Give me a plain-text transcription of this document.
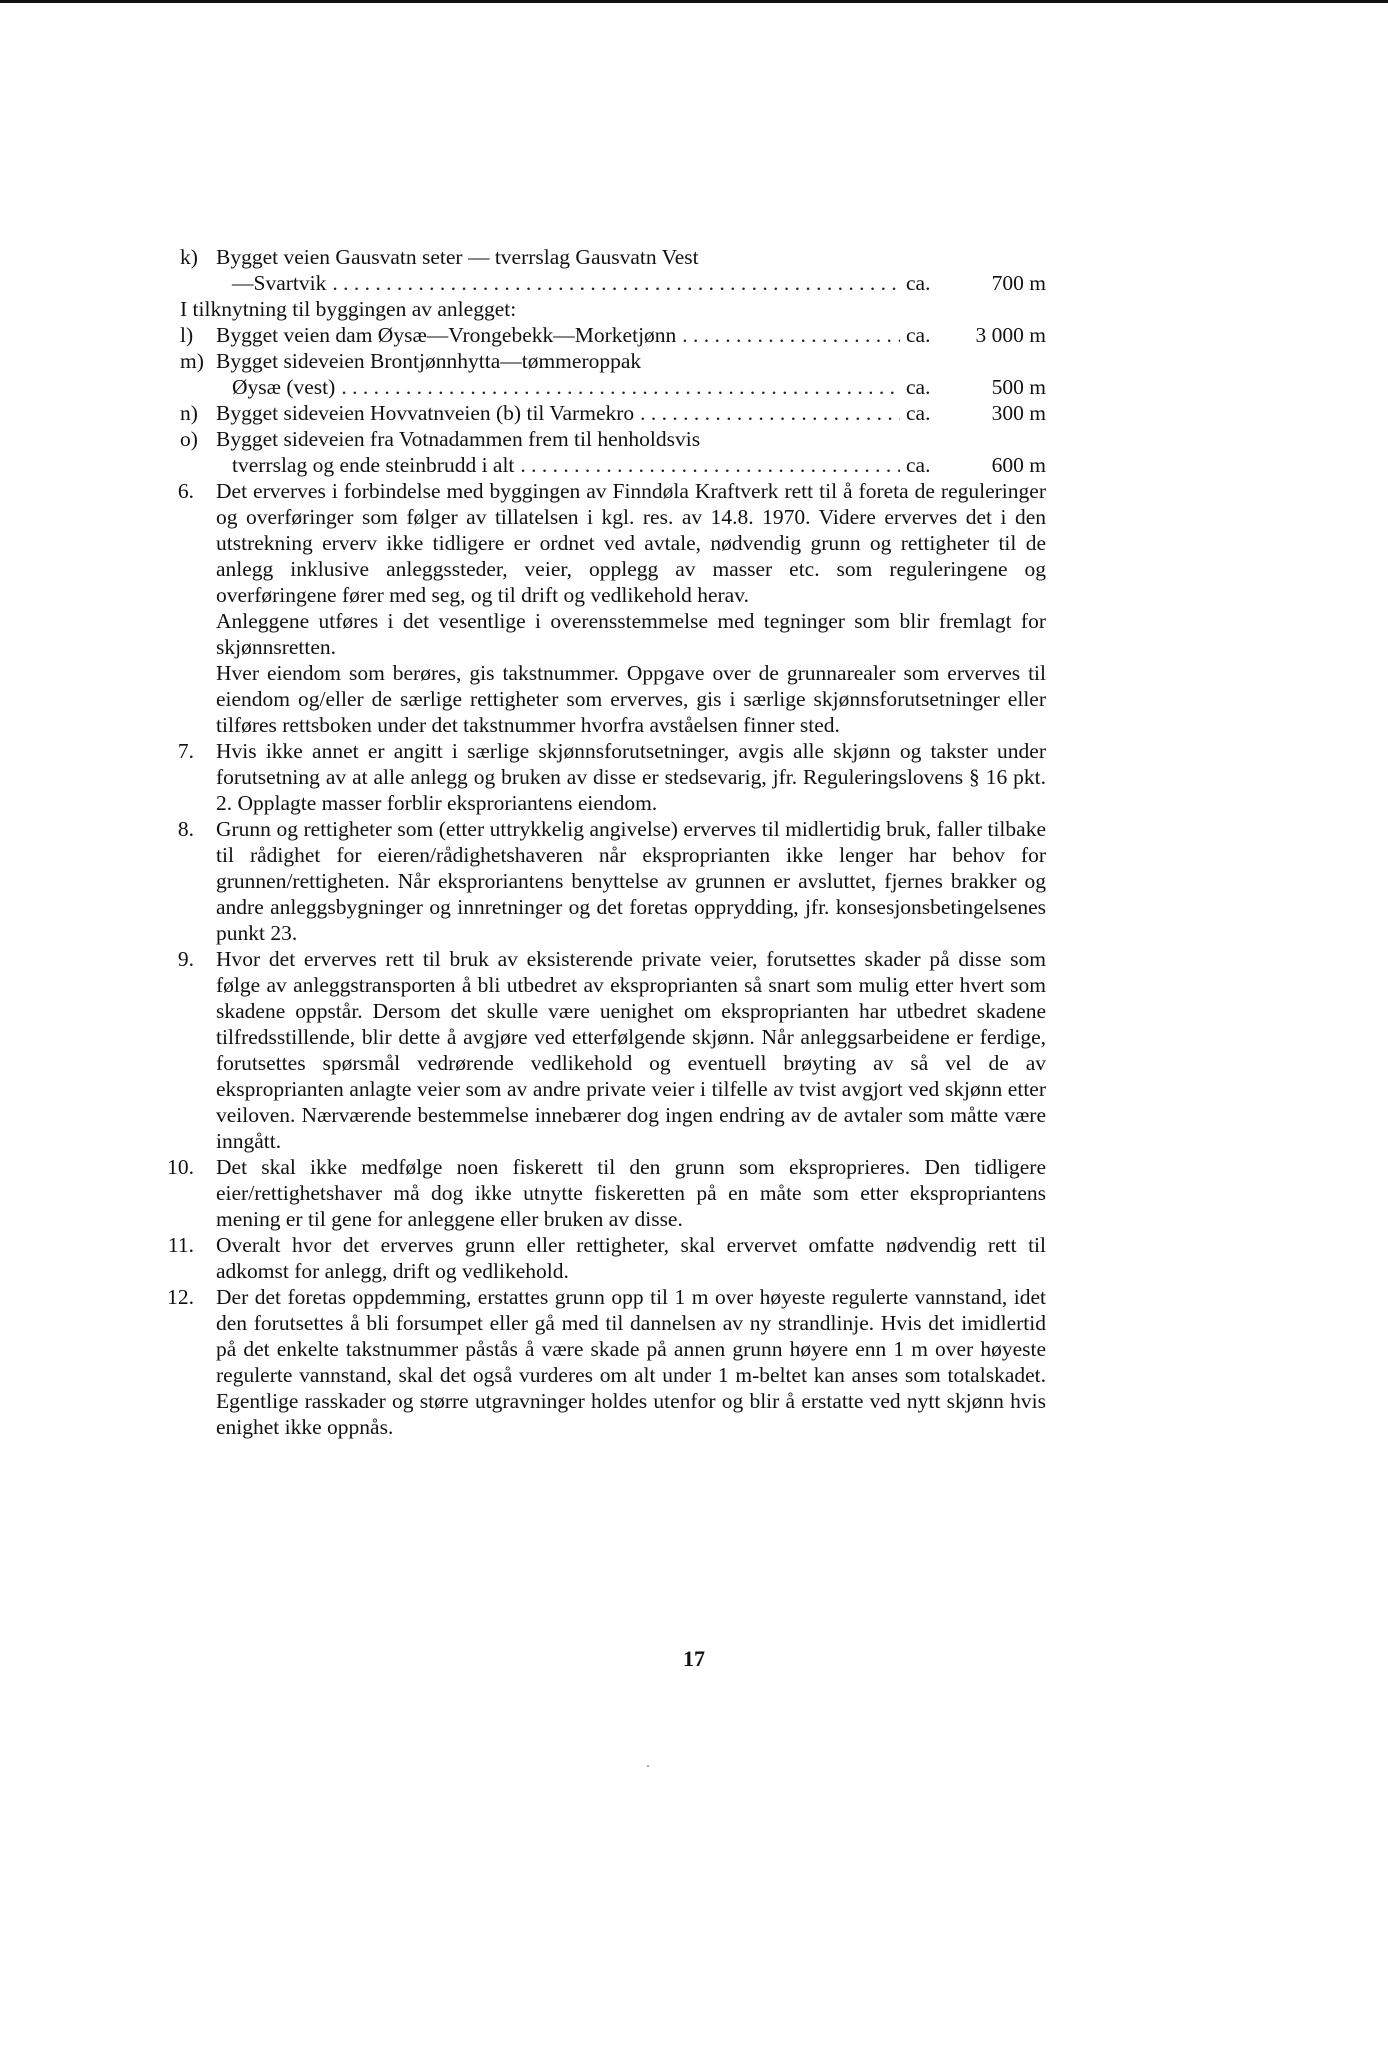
k) Bygget veien Gausvatn seter — tverrslag Gausvatn Vest
—Svartvik . . .	ca.	700 m
I tilknytning til byggingen av anlegget:
l)	Bygget veien dam Øysæ—Vrongebekk—Morketjønn . . .	ca.	3 000 m
m) Bygget sideveien Brontjønnhytta—tømmeroppak
Øysæ (vest) . . .	ca.	500 m
n) Bygget sideveien Hovvatnveien (b) til Varmekro . . .	ca.	300 m
o) Bygget sideveien fra Votnadammen frem til henholdsvis
tverrslag og ende steinbrudd i alt . . .	ca.	600 m
6. Det erverves i forbindelse med byggingen av Finndøla Kraftverk rett til å foreta de reguleringer og overføringer som følger av tillatelsen i kgl. res. av 14.8. 1970. Videre erverves det i den utstrekning erverv ikke tidligere er ordnet ved avtale, nødvendig grunn og rettigheter til de anlegg inklusive anleggssteder, veier, opplegg av masser etc. som reguleringene og overføringene fører med seg, og til drift og vedlikehold herav.
Anleggene utføres i det vesentlige i overensstemmelse med tegninger som blir fremlagt for skjønnsretten.
Hver eiendom som berøres, gis takstnummer. Oppgave over de grunnarealer som erverves til eiendom og/eller de særlige rettigheter som erverves, gis i særlige skjønnsforutsetninger eller tilføres rettsboken under det takstnummer hvorfra avståelsen finner sted.
7. Hvis ikke annet er angitt i særlige skjønnsforutsetninger, avgis alle skjønn og takster under forutsetning av at alle anlegg og bruken av disse er stedsevarig, jfr. Reguleringslovens § 16 pkt. 2. Opplagte masser forblir eksproriantens eiendom.
8. Grunn og rettigheter som (etter uttrykkelig angivelse) erverves til midlertidig bruk, faller tilbake til rådighet for eieren/rådighetshaveren når eksproprianten ikke lenger har behov for grunnen/rettigheten. Når eksproriantens benyttelse av grunnen er avsluttet, fjernes brakker og andre anleggsbygninger og innretninger og det foretas opprydding, jfr. konsesjonsbetingelsenes punkt 23.
9. Hvor det erverves rett til bruk av eksisterende private veier, forutsettes skader på disse som følge av anleggstransporten å bli utbedret av eksproprianten så snart som mulig etter hvert som skadene oppstår. Dersom det skulle være uenighet om eksproprianten har utbedret skadene tilfredsstillende, blir dette å avgjøre ved etterfølgende skjønn. Når anleggsarbeidene er ferdige, forutsettes spørsmål vedrørende vedlikehold og eventuell brøyting av så vel de av eksproprianten anlagte veier som av andre private veier i tilfelle av tvist avgjort ved skjønn etter veiloven. Nærværende bestemmelse innebærer dog ingen endring av de avtaler som måtte være inngått.
10. Det skal ikke medfølge noen fiskerett til den grunn som eksproprieres. Den tidligere eier/rettighetshaver må dog ikke utnytte fiskeretten på en måte som etter ekspropriantens mening er til gene for anleggene eller bruken av disse.
11. Overalt hvor det erverves grunn eller rettigheter, skal ervervet omfatte nødvendig rett til adkomst for anlegg, drift og vedlikehold.
12. Der det foretas oppdemming, erstattes grunn opp til 1 m over høyeste regulerte vannstand, idet den forutsettes å bli forsumpet eller gå med til dannelsen av ny strandlinje. Hvis det imidlertid på det enkelte takstnummer påstås å være skade på annen grunn høyere enn 1 m over høyeste regulerte vannstand, skal det også vurderes om alt under 1 m-beltet kan anses som totalskadet. Egentlige rasskader og større utgravninger holdes utenfor og blir å erstatte ved nytt skjønn hvis enighet ikke oppnås.
17
